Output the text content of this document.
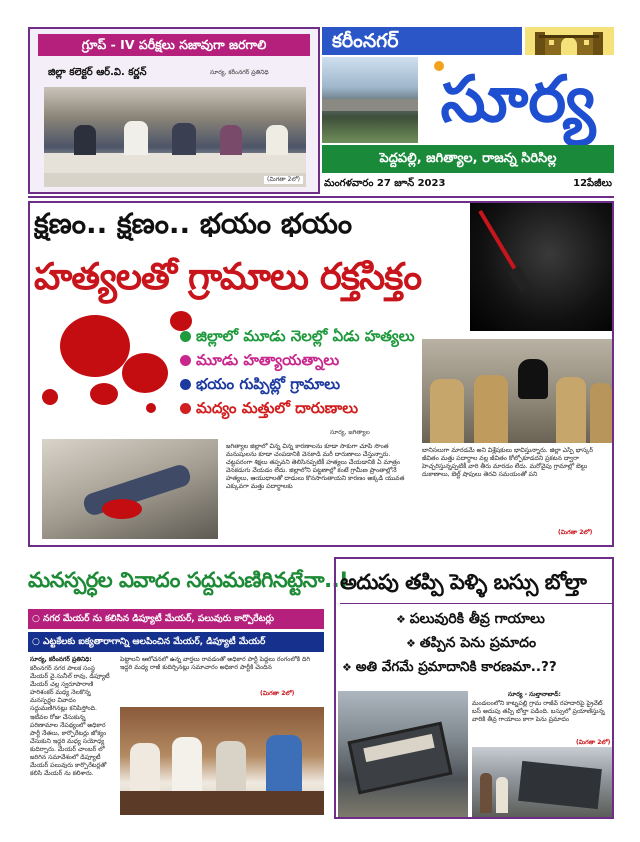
గ్రూప్ - IV పరీక్షలు సజావుగా జరగాలి
జిల్లా కలెక్టర్ ఆర్.వి. కర్ణన్	సూర్య, కరీంనగర్ ప్రతినిధి
(మిగతా 2లో)
కరీంనగర్
సూర్య
పెద్దపల్లి, జగిత్యాల, రాజన్న సిరిసిల్ల
మంగళవారం 27 జూన్ 2023	12పేజీలు
క్షణం.. క్షణం.. భయం భయం
హత్యలతో గ్రామాలు రక్తసిక్తం
జిల్లాలో మూడు నెలల్లో ఏడు హత్యలు
మూడు హత్యాయత్నాలు
భయం గుప్పిట్లో గ్రామాలు
మద్యం మత్తులో దారుణాలు
సూర్య, జగిత్యాల
జగిత్యాల జిల్లాలో చిన్న చిన్న కారణాలను కూడా సాకుగా చూపి సొంత మనుషులను కూడా చంపడానికి వెనకాడి మరీ దారుణాలు చేస్తున్నారు. చట్టపరంగా శిక్షలు తప్పవని తెలిసినప్పటికీ హత్యలు చేయడానికి ఏ మాత్రం వెనకడుగు వేయడం లేదు. జిల్లాలోని పట్టణాల్లో కంటే గ్రామీణ ప్రాంతాల్లోనే హత్యలు, ఆయుధాలతో దాడులు కొనసాగుతాయని కారణం అక్కడి యువత ఎక్కువగా మత్తు పదార్థాలకు
బానిసలుగా మారడమే అని విశ్లేషకులు భావిస్తున్నారు. జిల్లా ఎస్పీ భాస్కర్ జీవితం మత్తు పదార్థాల వల్ల జీవితం కోల్పోకూడదని ప్రకటన ద్వారా హెచ్చరిస్తున్నప్పటికీ వారి తీరు మారడం లేదు. మరోవైపు గ్రామాల్లో బెల్టు దుకాణాలు, బెల్ట్ షాపులు తెరచి సమయంతో పని
(మిగతా 2లో)
మనస్పర్ధల వివాదం సద్దుమణిగినట్టేనా..!
○ నగర మేయర్ ను కలిసిన డిప్యూటీ మేయర్, పలువురు కార్పొరేటర్లు
○ ఎట్టకేలకు ఐక్యతారాగాన్ని ఆలపించిన మేయర్, డిప్యూటీ మేయర్
సూర్య, కరీంనగర్ ప్రతినిధి:
కరీంనగర్ నగర పాలక సంస్థ మేయర్ వై.సునీల్ రావు, డిప్యూటీ మేయర్ చల్ల స్వరూపారాణి హరిశంకర్ మధ్య నెలకొన్న మనస్పర్ధల వివాదం సద్దుమణిగినట్లు కనిపిస్తోంది. ఇటీవల రోజు చేసుకున్న పరిణామాల నేపథ్యంలో అధికార పార్టీ నేతలు, కార్పొరేటర్లు జోక్యం చేసుకుని ఇద్దరి మధ్య సయోధ్య కుదిర్చారు. మేయర్ చాంబర్ లో జరిగిన సమావేశంలో డిప్యూటీ మేయర్ పలువురు కార్పొరేటర్లతో కలిసి మేయర్ ను కలిశారు.
పెట్టాలని ఆలోచనలో ఉన్న వార్తలు రావడంతో అధికార పార్టీ పెద్దలు రంగంలోకి దిగి ఇద్దరి మధ్య రాజీ కుదిర్చినట్లు సమాచారం అధికార పార్టీకి చెందిన
(మిగతా 2లో)
అదుపు తప్పి పెళ్ళి బస్సు బోల్తా
❖ పలువురికి తీవ్ర గాయాలు
❖ తప్పిన పెను ప్రమాదం
❖ అతి వేగమే ప్రమాదానికి కారణమా..??
సూర్య - సుల్తానాబాద్:
మండలంలోని కాట్నపల్లి గ్రామ రాజీవ్ రహదారిపై ప్రైవేట్ బస్ అదుపు తప్పి బోల్తా పడింది. బస్సులో ప్రయాణిస్తున్న వారికి తీవ్ర గాయాలు కాగా పెను ప్రమాదం
(మిగతా 2లో)
